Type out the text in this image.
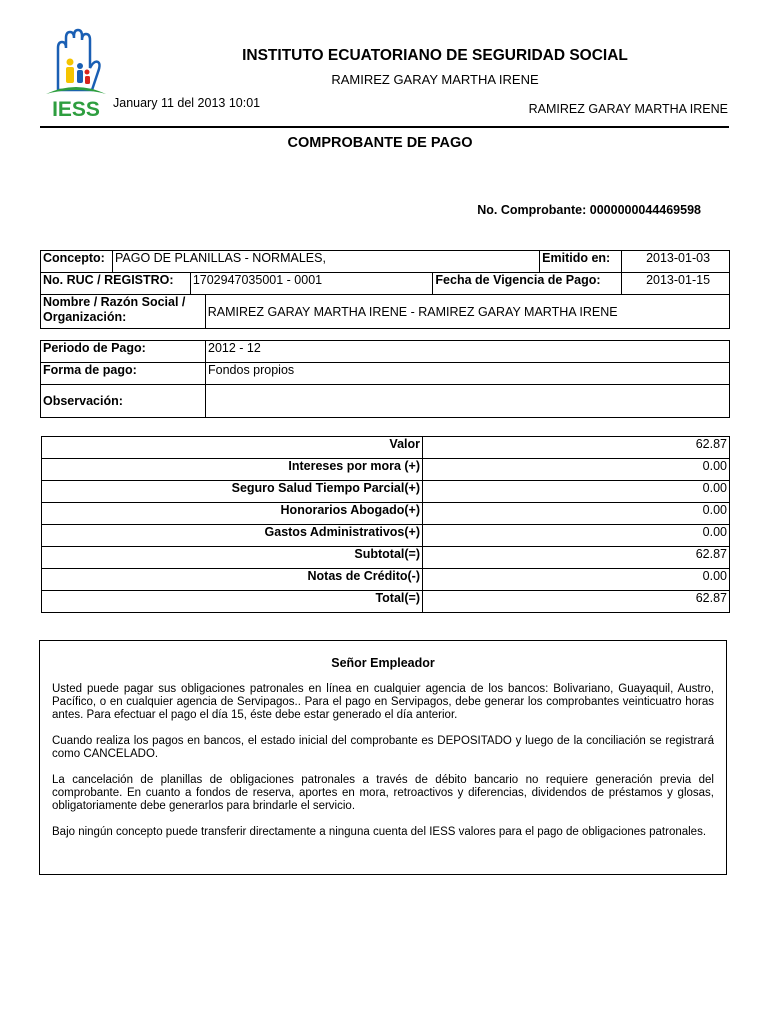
IESS
INSTITUTO ECUATORIANO DE SEGURIDAD SOCIAL
RAMIREZ GARAY MARTHA IRENE
January 11 del 2013 10:01	RAMIREZ GARAY MARTHA IRENE
COMPROBANTE DE PAGO
No. Comprobante: 0000000044469598
Concepto:	PAGO DE PLANILLAS - NORMALES,				Emitido en:	2013-01-03
No. RUC / REGISTRO:		1702947035001 - 0001		Fecha de Vigencia de Pago:		2013-01-15

Nombre / Razón Social /
Organización:			RAMIREZ GARAY MARTHA IRENE - RAMIREZ GARAY MARTHA IRENE			
Periodo de Pago:	2012 - 12
Forma de pago:	Fondos propios
Observación:	
Valor	62.87
Intereses por mora (+)	0.00
Seguro Salud Tiempo Parcial(+)	0.00
Honorarios Abogado(+)	0.00
Gastos Administrativos(+)	0.00
Subtotal(=)	62.87
Notas de Crédito(-)	0.00
Total(=)	62.87
Señor Empleador

Usted puede pagar sus obligaciones patronales en línea en cualquier agencia de los bancos: Bolivariano, Guayaquil, Austro, Pacífico, o en cualquier agencia de Servipagos.. Para el pago en Servipagos, debe generar los comprobantes veinticuatro horas antes. Para efectuar el pago el día 15, éste debe estar generado el día anterior.

Cuando realiza los pagos en bancos, el estado inicial del comprobante es DEPOSITADO y luego de la conciliación se registrará como CANCELADO.

La cancelación de planillas de obligaciones patronales a través de débito bancario no requiere generación previa del comprobante. En cuanto a fondos de reserva, aportes en mora, retroactivos y diferencias, dividendos de préstamos y glosas, obligatoriamente debe generarlos para brindarle el servicio.

Bajo ningún concepto puede transferir directamente a ninguna cuenta del IESS valores para el pago de obligaciones patronales.
